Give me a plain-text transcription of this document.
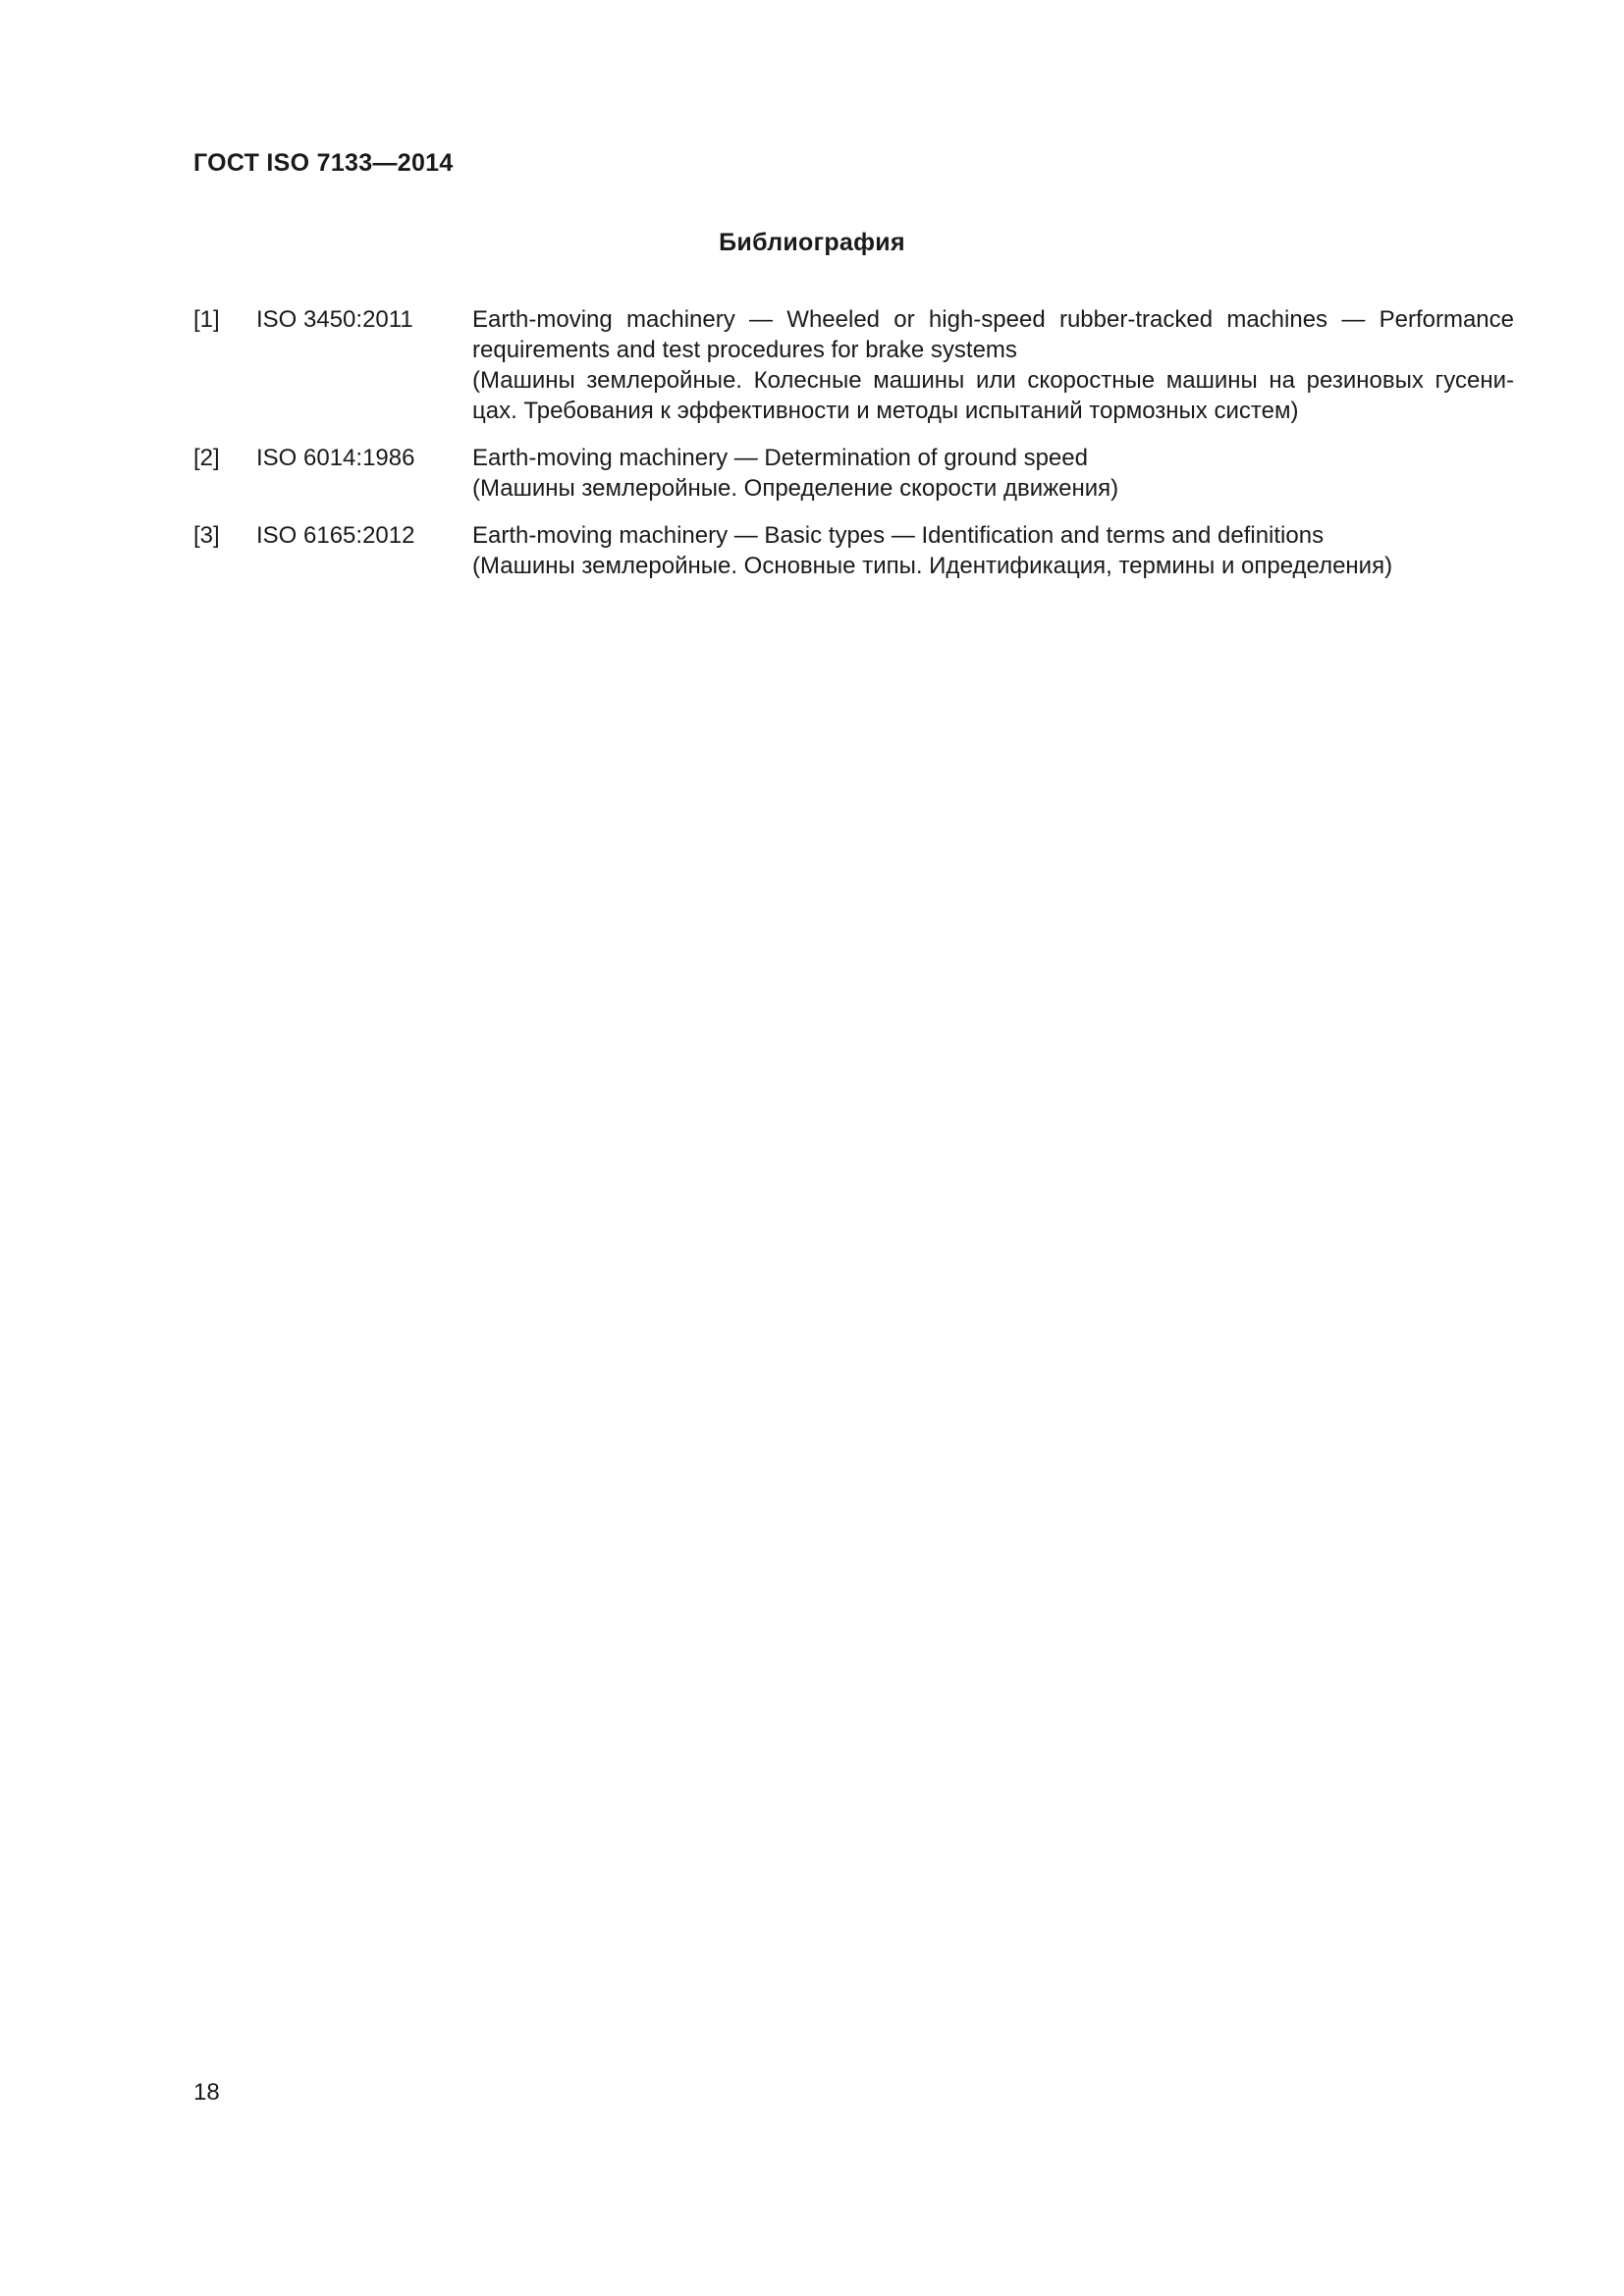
ГОСТ ISO 7133—2014
Библиография
[1]	ISO 3450:2011	Earth-moving machinery — Wheeled or high-speed rubber-tracked machines — Performance requirements and test procedures for brake systems
(Машины землеройные. Колесные машины или скоростные машины на резиновых гусени-цах. Требования к эффективности и методы испытаний тормозных систем)
[2]	ISO 6014:1986	Earth-moving machinery — Determination of ground speed
(Машины землеройные. Определение скорости движения)
[3]	ISO 6165:2012	Earth-moving machinery — Basic types — Identification and terms and definitions
(Машины землеройные. Основные типы. Идентификация, термины и определения)
18
